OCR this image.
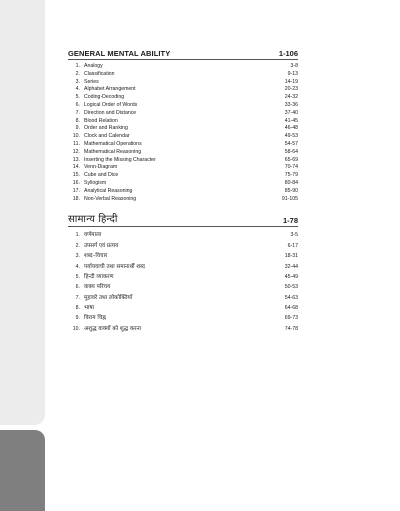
GENERAL MENTAL ABILITY	1-106
1. Analogy	3-8
2. Classification	9-13
3. Series	14-19
4. Alphabet Arrangement	20-23
5. Coding-Decoding	24-32
6. Logical Order of Words	33-36
7. Direction and Distance	37-40
8. Blood Relation	41-45
9. Order and Ranking	46-48
10. Clock and Calendar	49-53
11. Mathematical Operations	54-57
12. Mathematical Reasoning	58-64
13. Inserting the Missing Character	65-69
14. Venn-Diagram	70-74
15. Cube and Dice	75-79
16. Syllogism	80-84
17. Analytical Reasoning	85-90
18. Non-Verbal Reasoning	91-105
सामान्य हिन्दी	1-78
1. वर्णमाला	3-5
2. उपसर्ग एवं प्रत्यय	6-17
3. शब्द–विचार	18-31
4. पर्यायवाची तथा समानार्थी शब्द	32-44
5. हिन्दी व्याकरण	45-49
6. वाक्य परिचय	50-53
7. मुहावरे तथा लोकोक्तियाँ	54-63
8. भाषा	64-68
9. विराम चिह्न	69-73
10. अशुद्ध वाक्यों को शुद्ध करना	74-78
